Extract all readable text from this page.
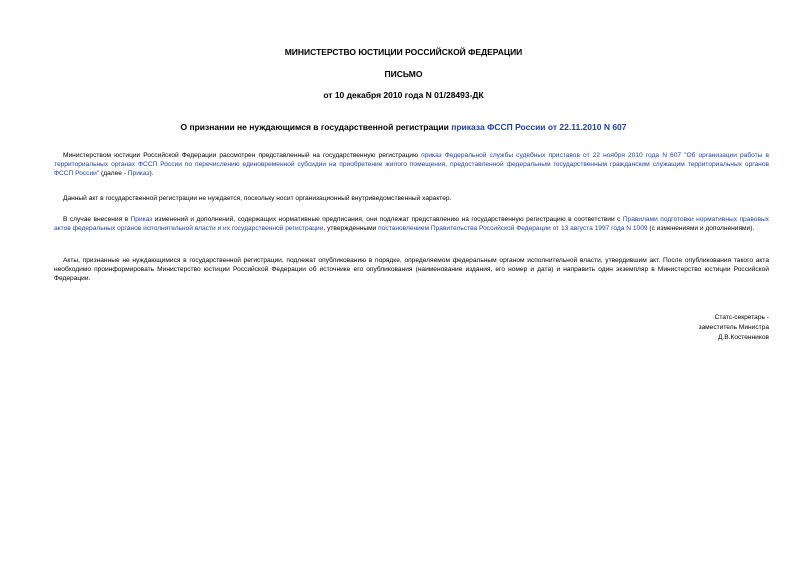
МИНИСТЕРСТВО ЮСТИЦИИ РОССИЙСКОЙ ФЕДЕРАЦИИ
ПИСЬМО
от 10 декабря 2010 года N 01/28493-ДК
О признании не нуждающимся в государственной регистрации приказа ФССП России от 22.11.2010 N 607

Министерством юстиции Российской Федерации рассмотрен представленный на государственную регистрацию приказ Федеральной службы судебных приставов от 22 ноября 2010 года N 607 "Об организации работы в территориальных органах ФССП России по перечислению единовременной субсидии на приобретение жилого помещения, предоставленной федеральным государственным гражданским служащим территориальных органов ФССП России" (далее - Приказ).

Данный акт в государственной регистрации не нуждается, поскольку носит организационный внутриведомственный характер.

В случае внесения в Приказ изменений и дополнений, содержащих нормативные предписания, они подлежат представлению на государственную регистрацию в соответствии с Правилами подготовки нормативных правовых актов федеральных органов исполнительной власти и их государственной регистрации, утвержденными постановлением Правительства Российской Федерации от 13 августа 1997 года N 1009 (с изменениями и дополнениями).

Акты, признанные не нуждающимися в государственной регистрации, подлежат опубликованию в порядке, определяемом федеральным органом исполнительной власти, утвердившим акт. После опубликования такого акта необходимо проинформировать Министерство юстиции Российской Федерации об источнике его опубликования (наименование издания, его номер и дата) и направить один экземпляр в Министерство юстиции Российской Федерации.

Статс-секретарь -
заместитель Министра
Д.В.Костенников
